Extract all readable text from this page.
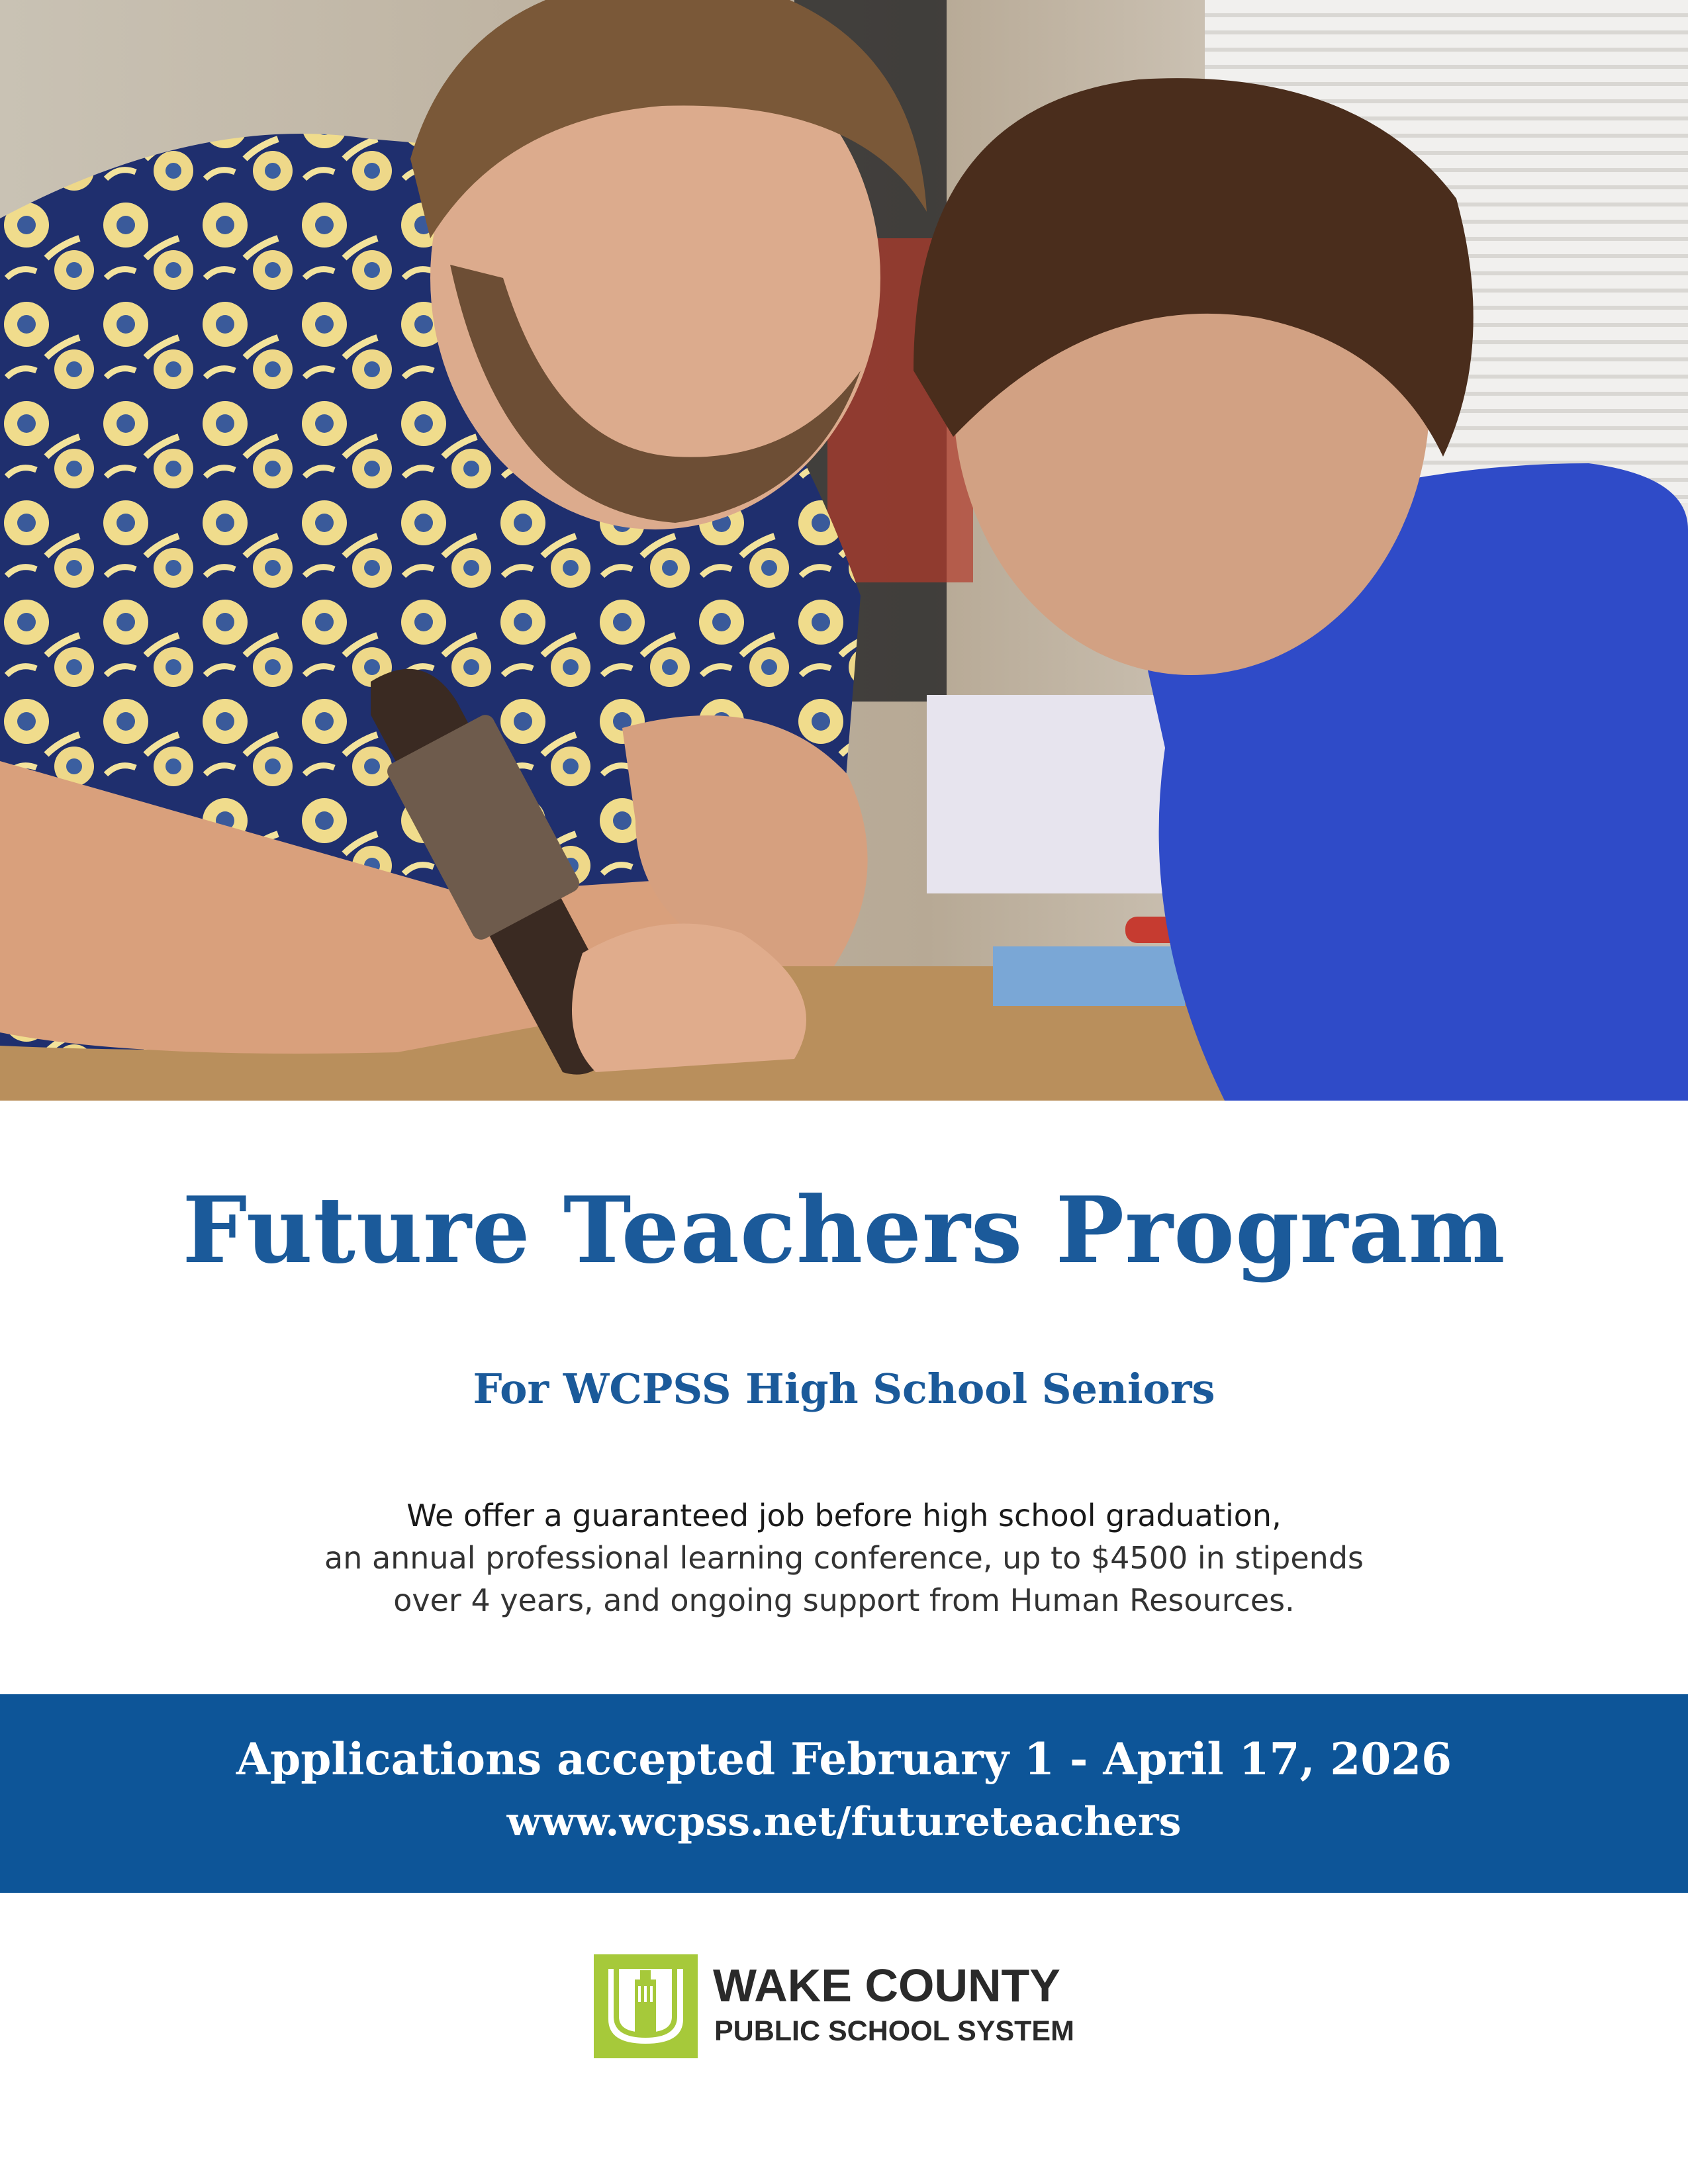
Future Teachers Program
For WCPSS High School Seniors
We offer a guaranteed job before high school graduation,
an annual professional learning conference, up to $4500 in stipends
over 4 years, and ongoing support from Human Resources.
Applications accepted February 1 - April 17, 2026
www.wcpss.net/futureteachers
WAKE COUNTY
PUBLIC SCHOOL SYSTEM
